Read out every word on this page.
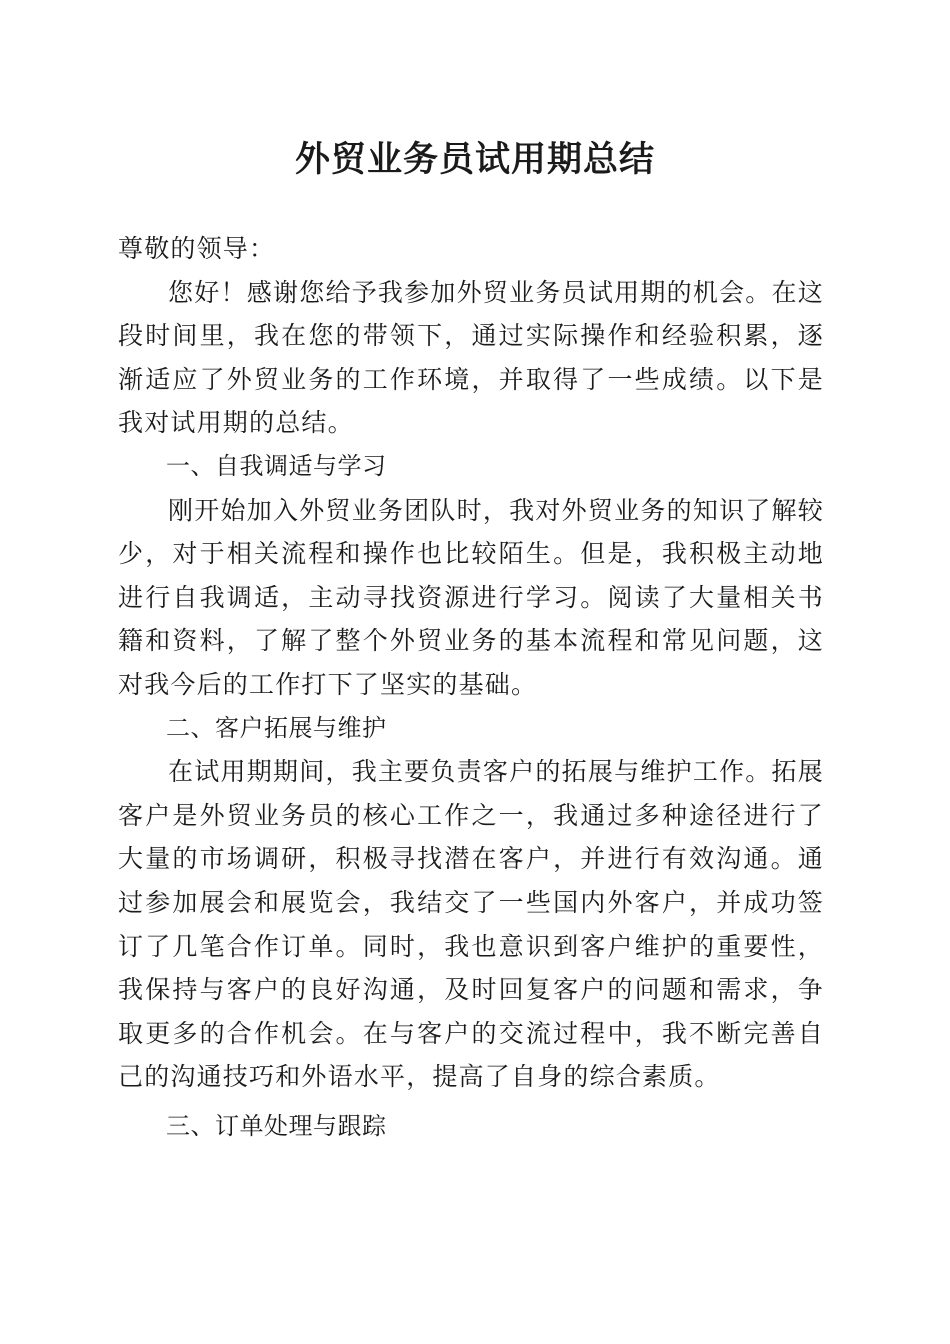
外贸业务员试用期总结

尊敬的领导：

您好！感谢您给予我参加外贸业务员试用期的机会。在这段时间里，我在您的带领下，通过实际操作和经验积累，逐渐适应了外贸业务的工作环境，并取得了一些成绩。以下是我对试用期的总结。

一、自我调适与学习

刚开始加入外贸业务团队时，我对外贸业务的知识了解较少，对于相关流程和操作也比较陌生。但是，我积极主动地进行自我调适，主动寻找资源进行学习。阅读了大量相关书籍和资料，了解了整个外贸业务的基本流程和常见问题，这对我今后的工作打下了坚实的基础。

二、客户拓展与维护

在试用期期间，我主要负责客户的拓展与维护工作。拓展客户是外贸业务员的核心工作之一，我通过多种途径进行了大量的市场调研，积极寻找潜在客户，并进行有效沟通。通过参加展会和展览会，我结交了一些国内外客户，并成功签订了几笔合作订单。同时，我也意识到客户维护的重要性，我保持与客户的良好沟通，及时回复客户的问题和需求，争取更多的合作机会。在与客户的交流过程中，我不断完善自己的沟通技巧和外语水平，提高了自身的综合素质。

三、订单处理与跟踪
